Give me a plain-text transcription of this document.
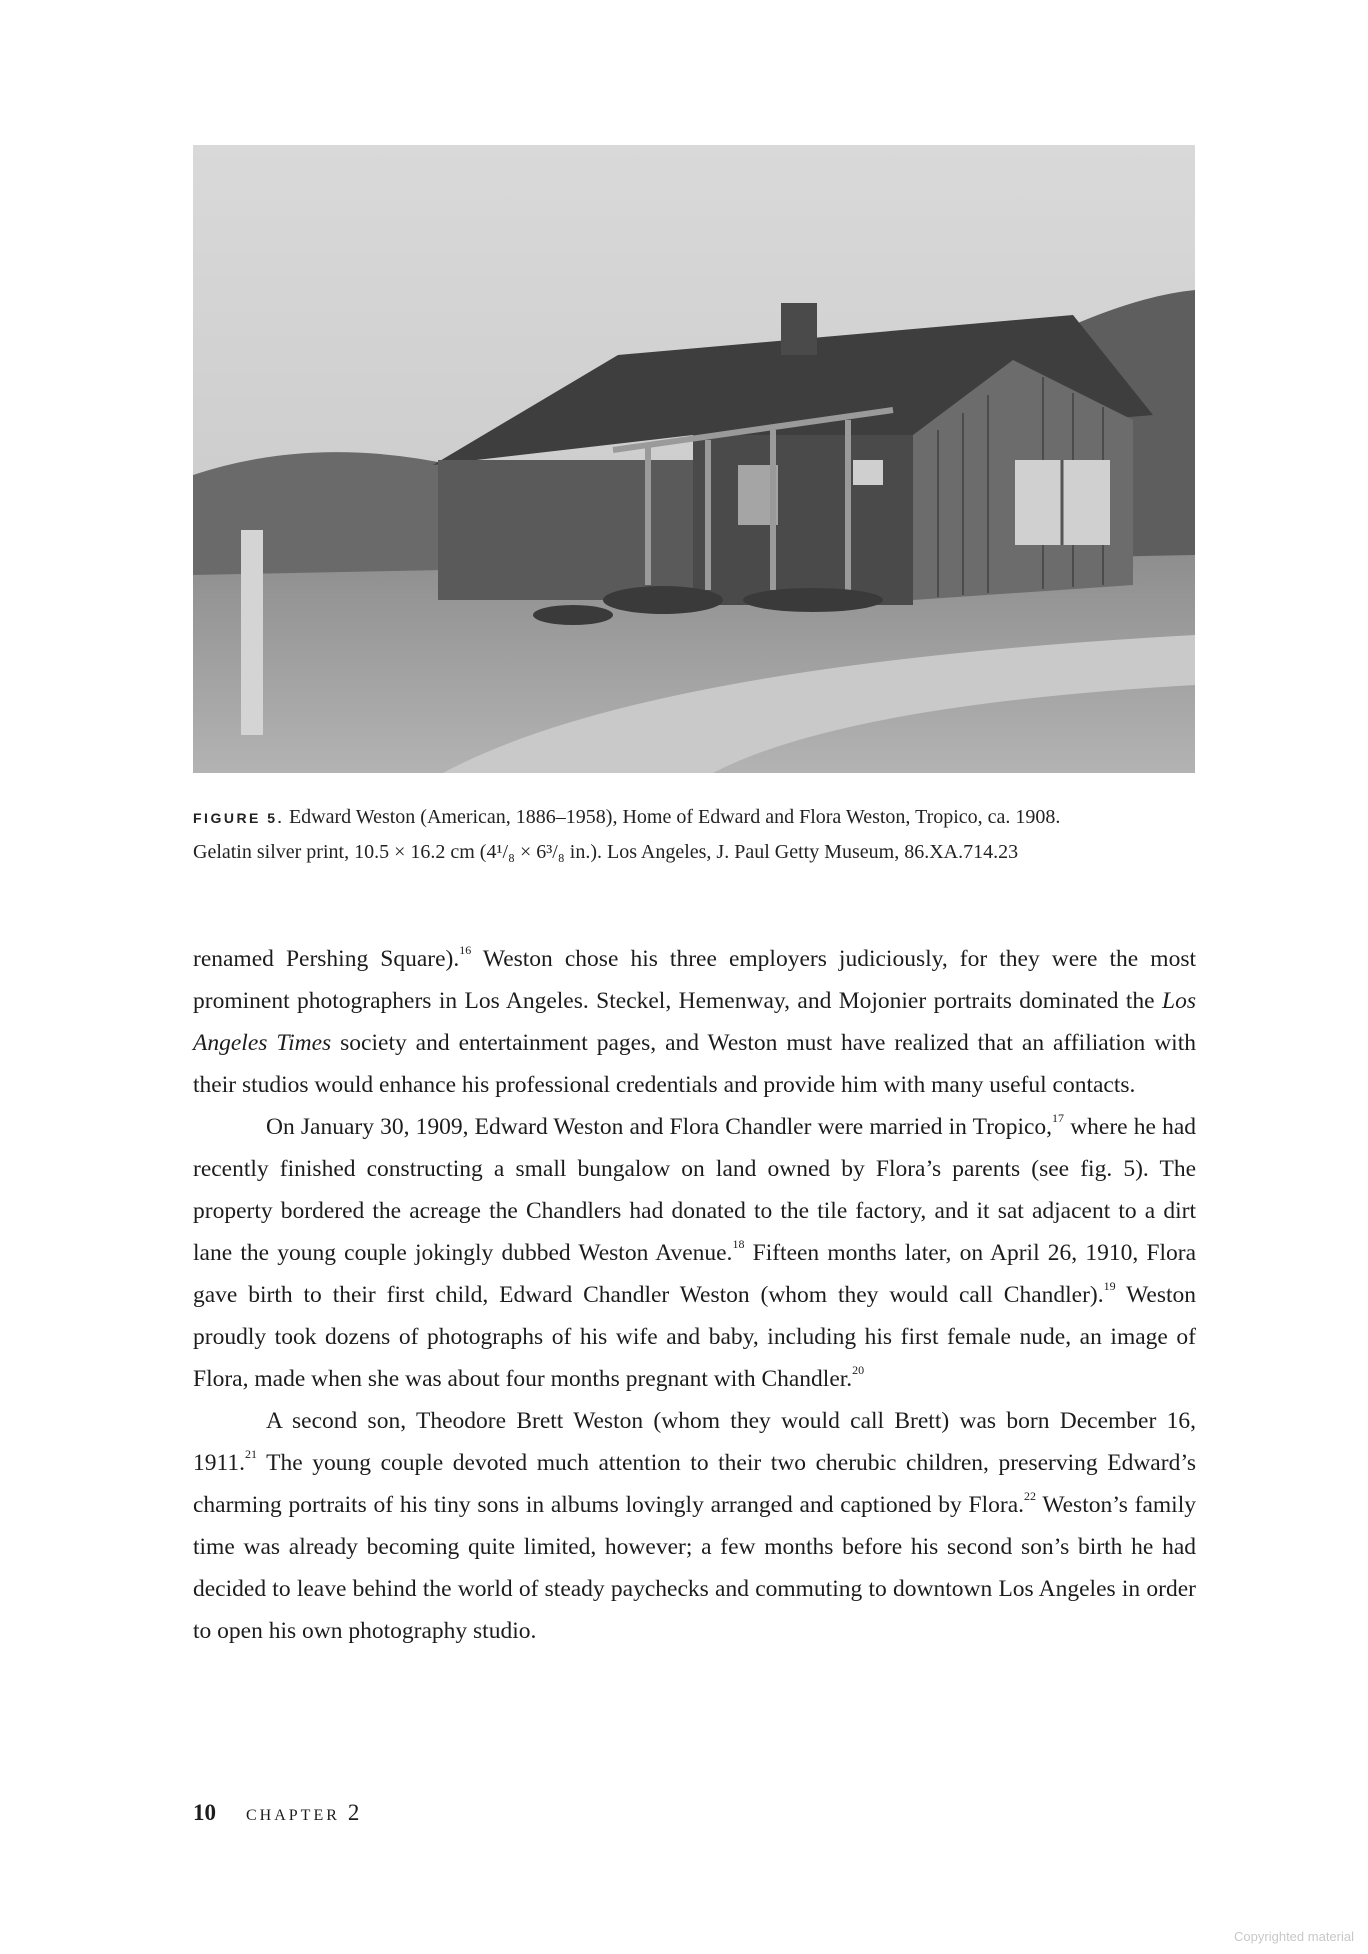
FIGURE 5. Edward Weston (American, 1886–1958), Home of Edward and Flora Weston, Tropico, ca. 1908.
Gelatin silver print, 10.5 × 16.2 cm (4¹/₈ × 6³/₈ in.). Los Angeles, J. Paul Getty Museum, 86.XA.714.23

renamed Pershing Square).$^{16}$ Weston chose his three employers judiciously, for they were the most prominent photographers in Los Angeles. Steckel, Hemenway, and Mojonier portraits dominated the Los Angeles Times society and entertainment pages, and Weston must have realized that an affiliation with their studios would enhance his professional credentials and provide him with many useful contacts.

On January 30, 1909, Edward Weston and Flora Chandler were married in Tropico,$^{17}$ where he had recently finished constructing a small bungalow on land owned by Flora’s parents (see fig. 5). The property bordered the acreage the Chandlers had donated to the tile factory, and it sat adjacent to a dirt lane the young couple jokingly dubbed Weston Avenue.$^{18}$ Fifteen months later, on April 26, 1910, Flora gave birth to their first child, Edward Chandler Weston (whom they would call Chandler).$^{19}$ Weston proudly took dozens of photographs of his wife and baby, including his first female nude, an image of Flora, made when she was about four months pregnant with Chandler.$^{20}$

A second son, Theodore Brett Weston (whom they would call Brett) was born December 16, 1911.21 The young couple devoted much attention to their two cherubic children, preserving Edward’s charming portraits of his tiny sons in albums lovingly arranged and captioned by Flora.$^{22}$ Weston’s family time was already becoming quite limited, however; a few months before his second son’s birth he had decided to leave behind the world of steady paychecks and commuting to downtown Los Angeles in order to open his own photography studio.

10 CHAPTER 2
Copyrighted material
